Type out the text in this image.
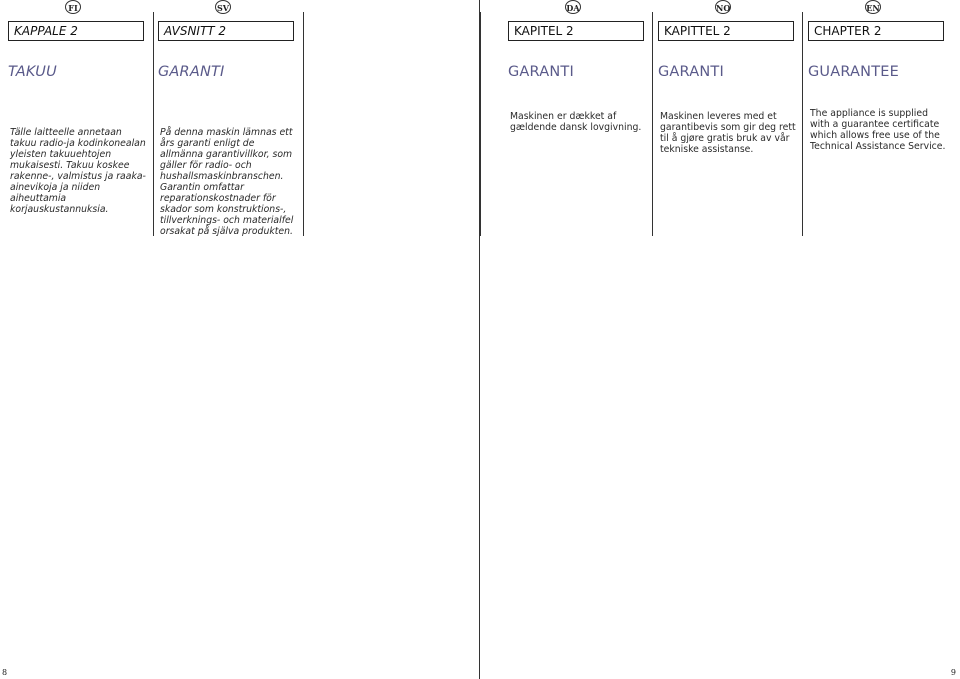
FI
KAPPALE 2
TAKUU
Tälle laitteelle annetaan takuu radio-ja kodinkonealan yleisten takuuehtojen mukaisesti. Takuu koskee rakenne-, valmistus ja raaka-ainevikoja ja niiden aiheuttamia korjauskustannuksia.
SV
AVSNITT 2
GARANTI
På denna maskin lämnas ett års garanti enligt de allmänna garantivillkor, som gäller för radio- och hushallsmaskinbranschen. Garantin omfattar reparationskostnader för skador som konstruktions-, tillverknings- och materialfel orsakat på själva produkten.
8
DA
KAPITEL 2
GARANTI
Maskinen er dækket af gældende dansk lovgivning.
NO
KAPITTEL 2
GARANTI
Maskinen leveres med et garantibevis som gir deg rett til å gjøre gratis bruk av vår tekniske assistanse.
EN
CHAPTER 2
GUARANTEE
The appliance is supplied with a guarantee certificate which allows free use of the Technical Assistance Service.
9
